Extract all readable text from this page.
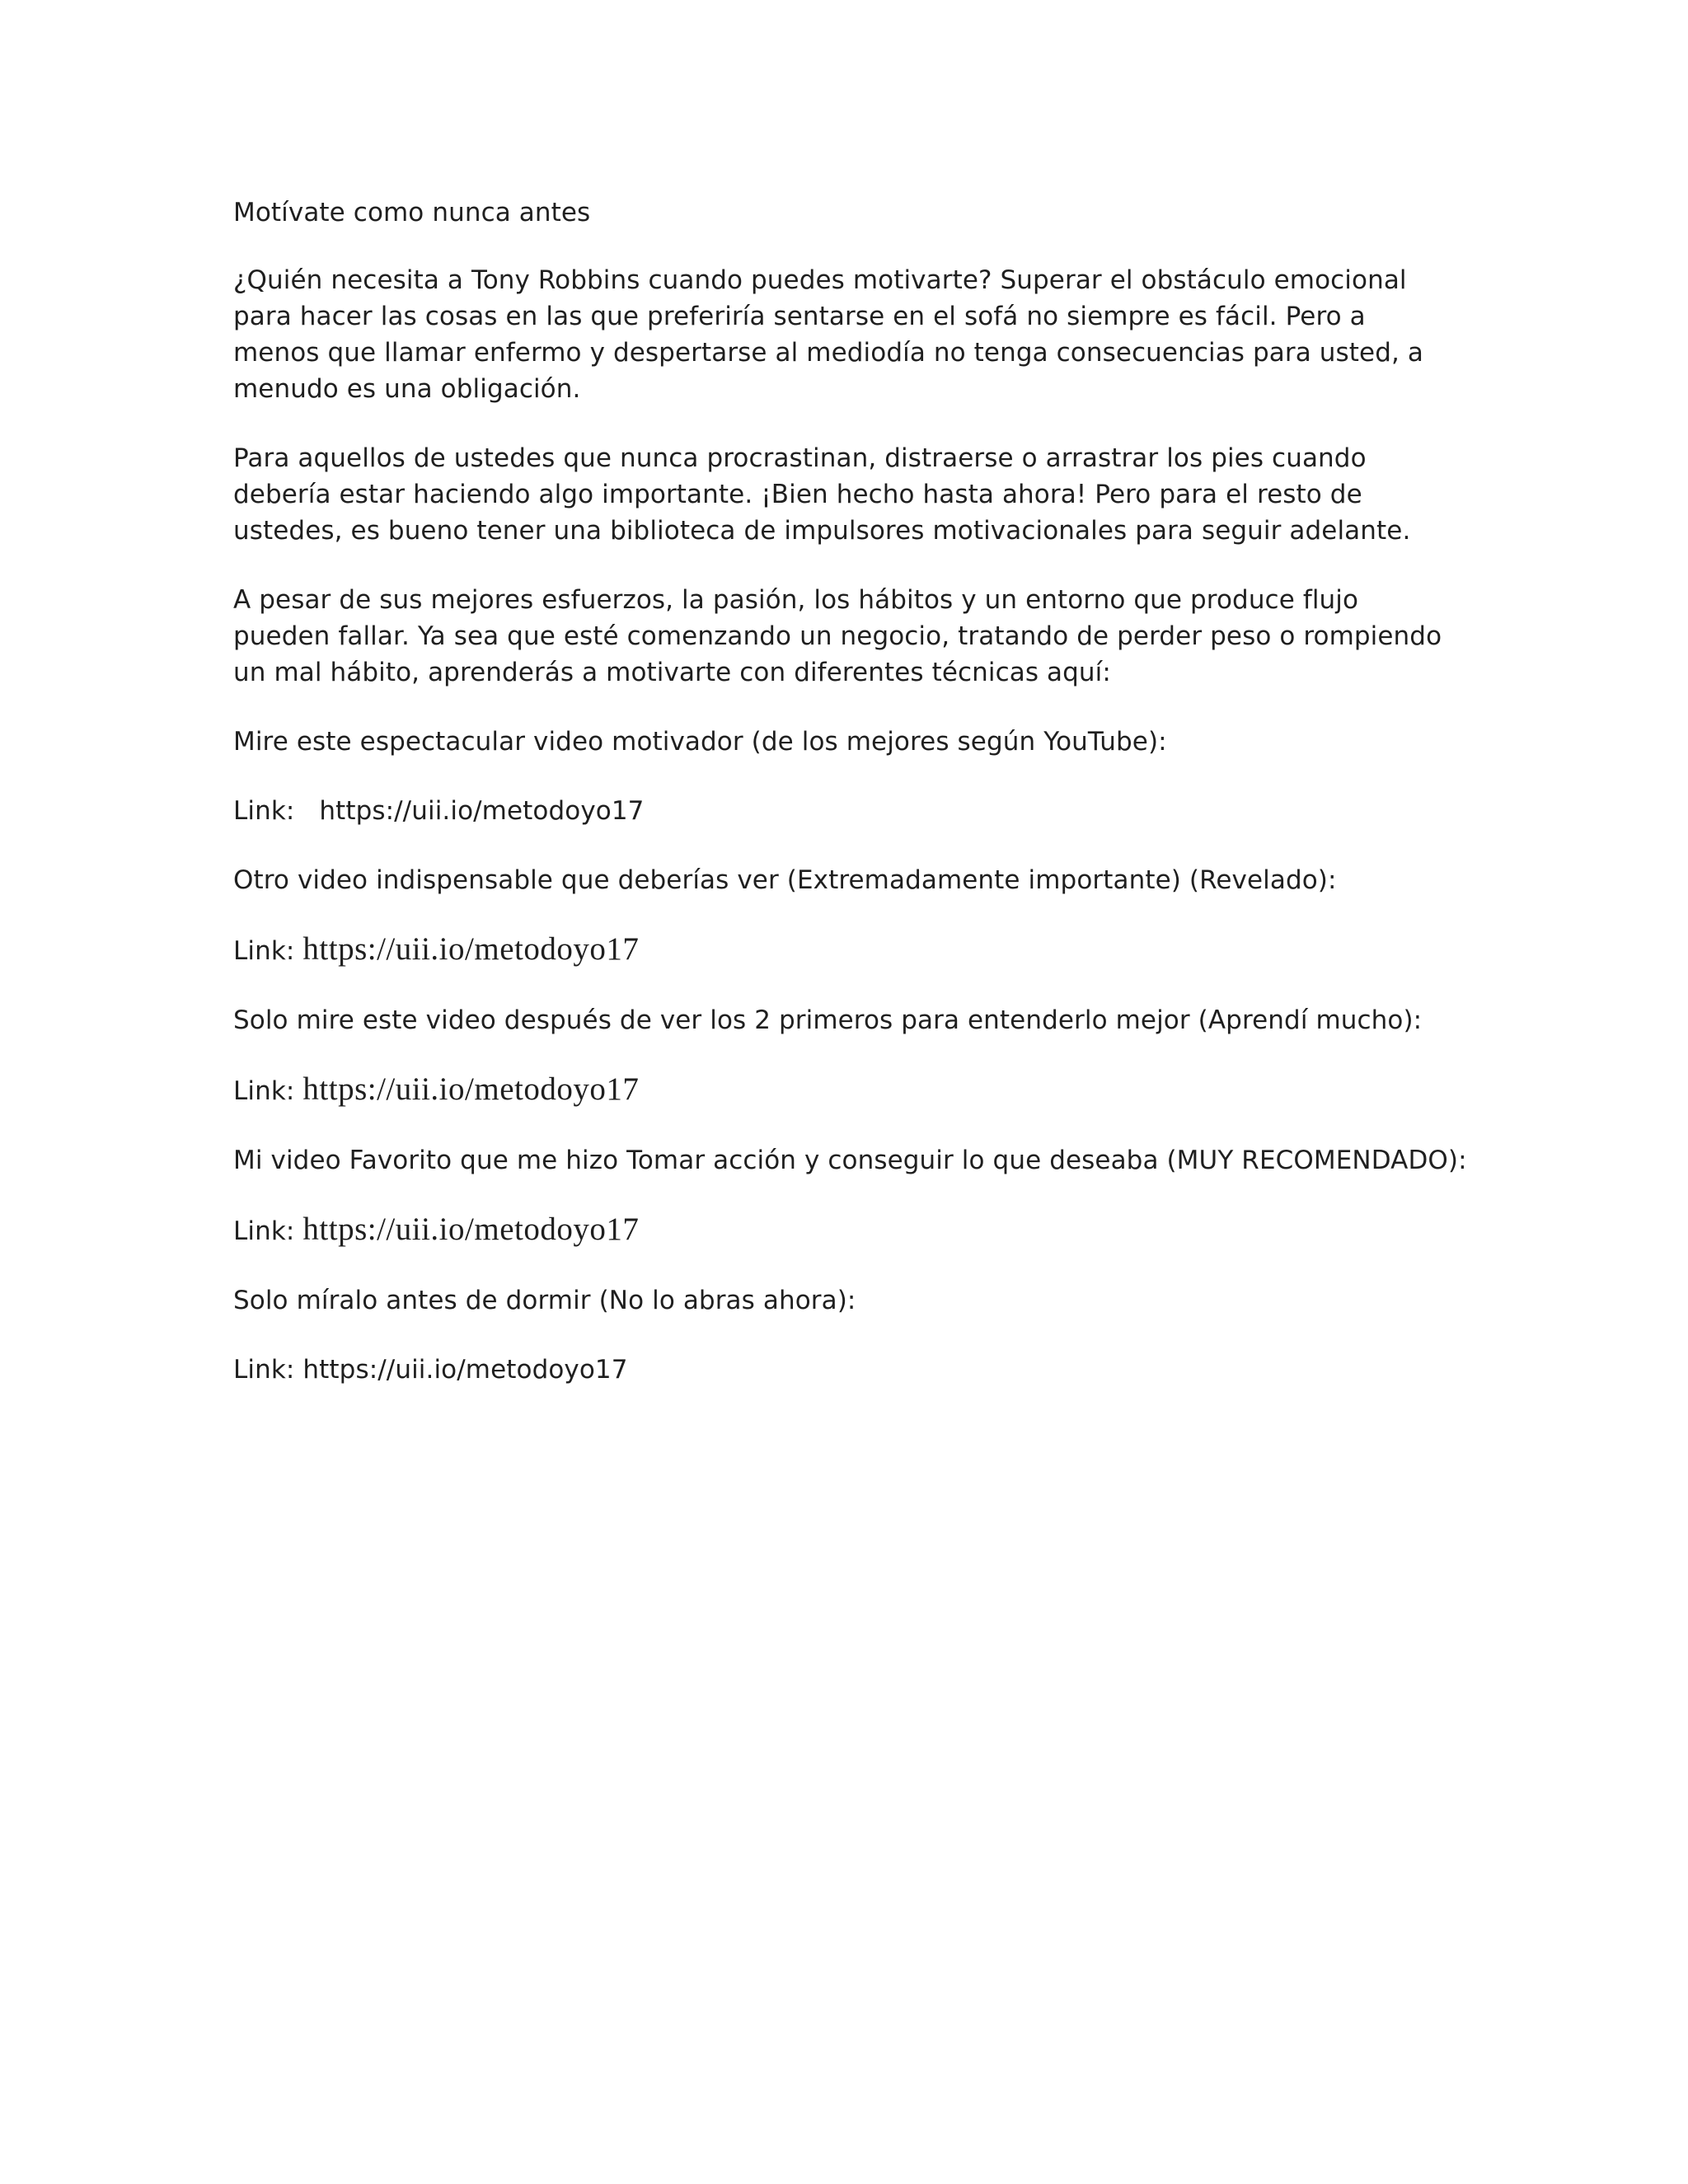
Motívate como nunca antes

¿Quién necesita a Tony Robbins cuando puedes motivarte? Superar el obstáculo emocional para hacer las cosas en las que preferiría sentarse en el sofá no siempre es fácil. Pero a menos que llamar enfermo y despertarse al mediodía no tenga consecuencias para usted, a menudo es una obligación.

Para aquellos de ustedes que nunca procrastinan, distraerse o arrastrar los pies cuando debería estar haciendo algo importante. ¡Bien hecho hasta ahora! Pero para el resto de ustedes, es bueno tener una biblioteca de impulsores motivacionales para seguir adelante.

A pesar de sus mejores esfuerzos, la pasión, los hábitos y un entorno que produce flujo pueden fallar. Ya sea que esté comenzando un negocio, tratando de perder peso o rompiendo un mal hábito, aprenderás a motivarte con diferentes técnicas aquí:

Mire este espectacular video motivador (de los mejores según YouTube):

Link: https://uii.io/metodoyo17

Otro video indispensable que deberías ver (Extremadamente importante) (Revelado):

Link: https://uii.io/metodoyo17

Solo mire este video después de ver los 2 primeros para entenderlo mejor (Aprendí mucho):

Link: https://uii.io/metodoyo17

Mi video Favorito que me hizo Tomar acción y conseguir lo que deseaba (MUY RECOMENDADO):

Link: https://uii.io/metodoyo17

Solo míralo antes de dormir (No lo abras ahora):

Link: https://uii.io/metodoyo17
